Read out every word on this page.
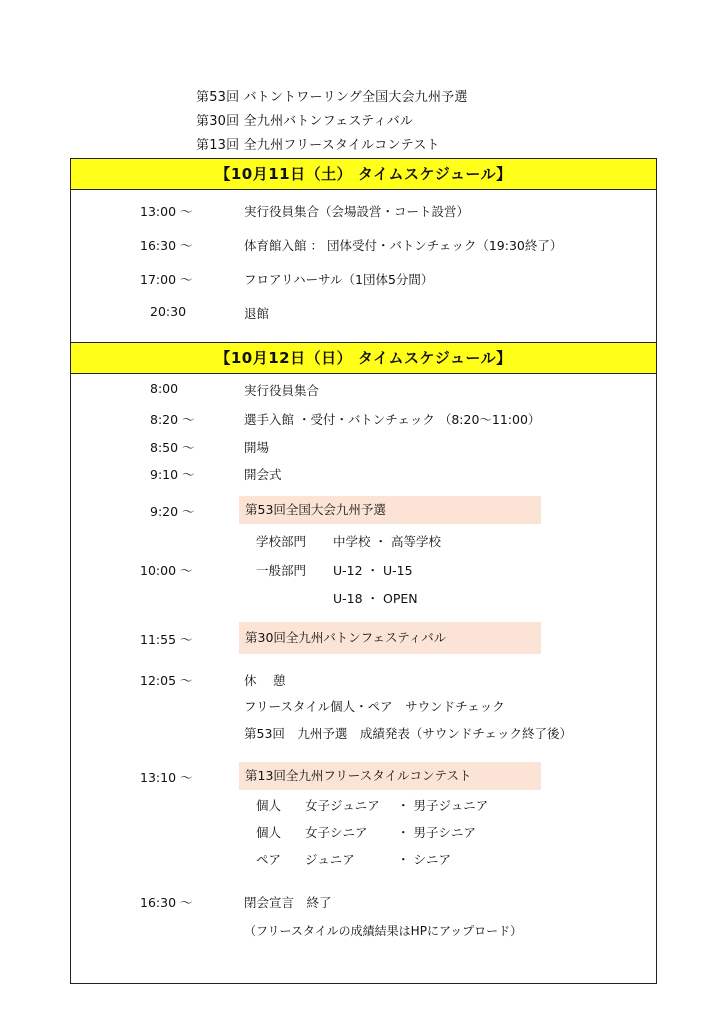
第53回 バトントワーリング全国大会九州予選
第30回 全九州バトンフェスティバル
第13回 全九州フリースタイルコンテスト
【10月11日（土） タイムスケジュール】
13:00 ～	実行役員集合（会場設営・コート設営）
16:30 ～	体育館入館 ： 団体受付・バトンチェック（19:30終了）
17:00 ～	フロアリハーサル（1団体5分間）
20:30	退館
【10月12日（日） タイムスケジュール】
8:00	実行役員集合
8:20 ～	選手入館 ・受付・バトンチェック （8:20～11:00）
8:50 ～	開場
9:10 ～	開会式
9:20 ～	第53回全国大会九州予選
学校部門 中学校 ・ 高等学校
10:00 ～	一般部門 U-12 ・ U-15
U-18 ・ OPEN
11:55 ～	第30回全九州バトンフェスティバル
12:05 ～	休　 憩
フリースタイル個人・ペア　サウンドチェック
第53回　九州予選　成績発表（サウンドチェック終了後）
13:10 ～	第13回全九州フリースタイルコンテスト
個人 女子ジュニア ・ 男子ジュニア
個人 女子シニア ・ 男子シニア
ペア ジュニア	・ シニア
16:30 ～	閉会宣言　終了
（フリースタイルの成績結果はHPにアップロード）
